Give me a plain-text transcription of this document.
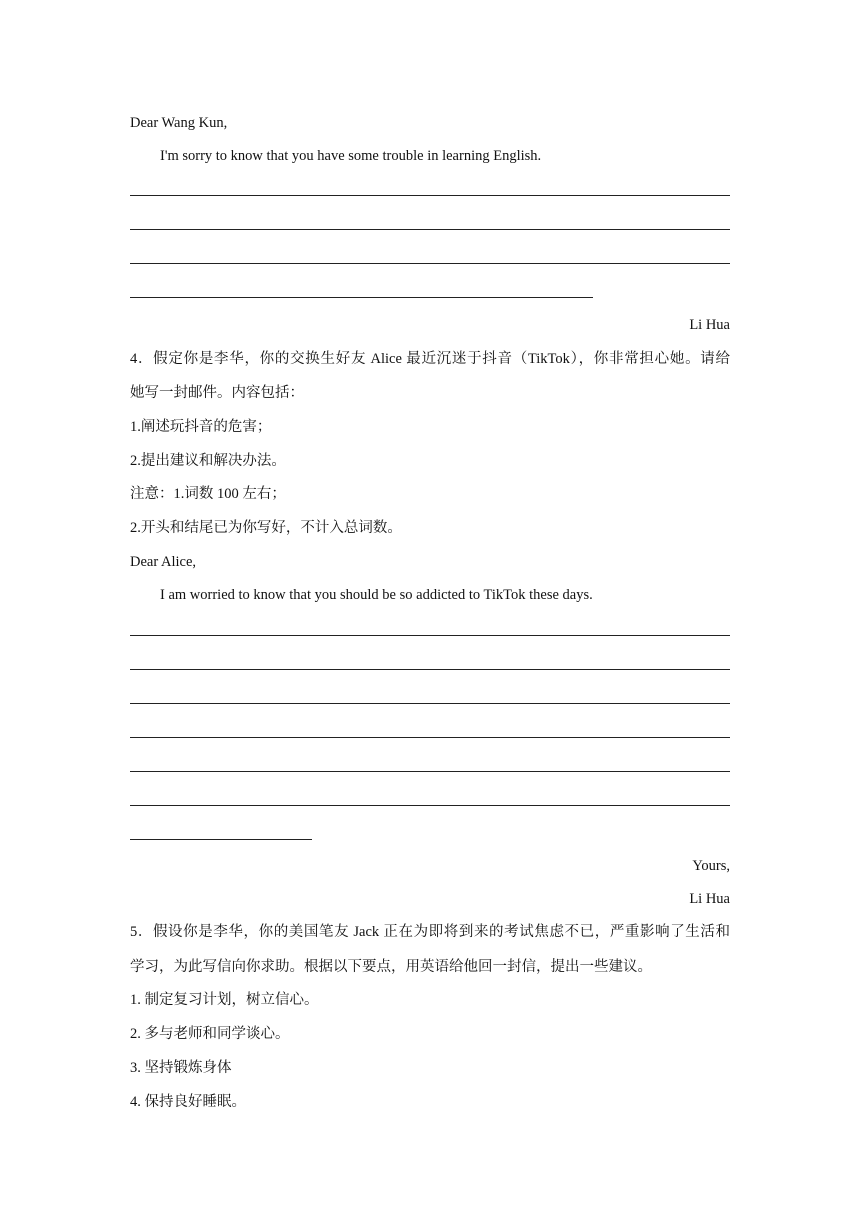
Dear Wang Kun,
I'm sorry to know that you have some trouble in learning English.
Li Hua
4．假定你是李华，你的交换生好友 Alice 最近沉迷于抖音（TikTok），你非常担心她。请给
她写一封邮件。内容包括：
1.阐述玩抖音的危害；
2.提出建议和解决办法。
注意：1.词数 100 左右；
2.开头和结尾已为你写好，不计入总词数。
Dear Alice,
I am worried to know that you should be so addicted to TikTok these days.
Yours,
Li Hua
5．假设你是李华，你的美国笔友 Jack 正在为即将到来的考试焦虑不已，严重影响了生活和
学习，为此写信向你求助。根据以下要点，用英语给他回一封信，提出一些建议。
1. 制定复习计划，树立信心。
2. 多与老师和同学谈心。
3. 坚持锻炼身体
4. 保持良好睡眠。
